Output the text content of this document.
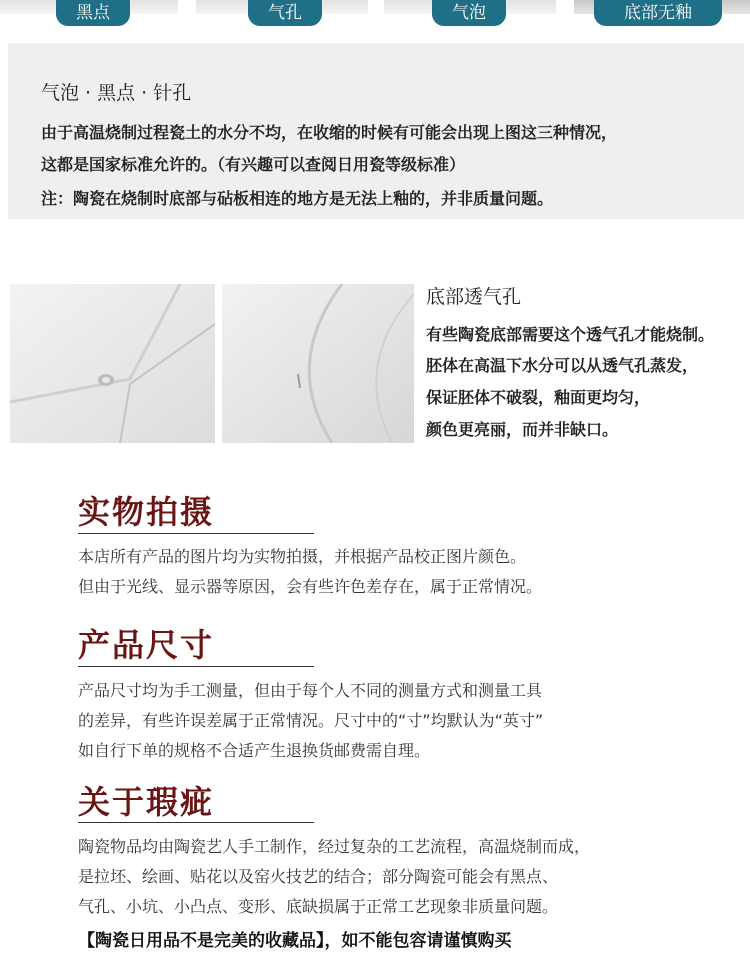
黑点	气孔	气泡	底部无釉
气泡 · 黑点 · 针孔
由于高温烧制过程瓷土的水分不均，在收缩的时候有可能会出现上图这三种情况，
这都是国家标准允许的。（有兴趣可以查阅日用瓷等级标准）
注：陶瓷在烧制时底部与砧板相连的地方是无法上釉的，并非质量问题。
底部透气孔
有些陶瓷底部需要这个透气孔才能烧制。
胚体在高温下水分可以从透气孔蒸发，
保证胚体不破裂，釉面更均匀，
颜色更亮丽，而并非缺口。
实物拍摄
本店所有产品的图片均为实物拍摄，并根据产品校正图片颜色。
但由于光线、显示器等原因，会有些许色差存在，属于正常情况。
产品尺寸
产品尺寸均为手工测量，但由于每个人不同的测量方式和测量工具
的差异，有些许误差属于正常情况。尺寸中的“寸”均默认为“英寸”
如自行下单的规格不合适产生退换货邮费需自理。
关于瑕疵
陶瓷物品均由陶瓷艺人手工制作，经过复杂的工艺流程，高温烧制而成，
是拉坯、绘画、贴花以及窑火技艺的结合；部分陶瓷可能会有黑点、
气孔、小坑、小凸点、变形、底缺损属于正常工艺现象非质量问题。
【陶瓷日用品不是完美的收藏品】，如不能包容请谨慎购买
